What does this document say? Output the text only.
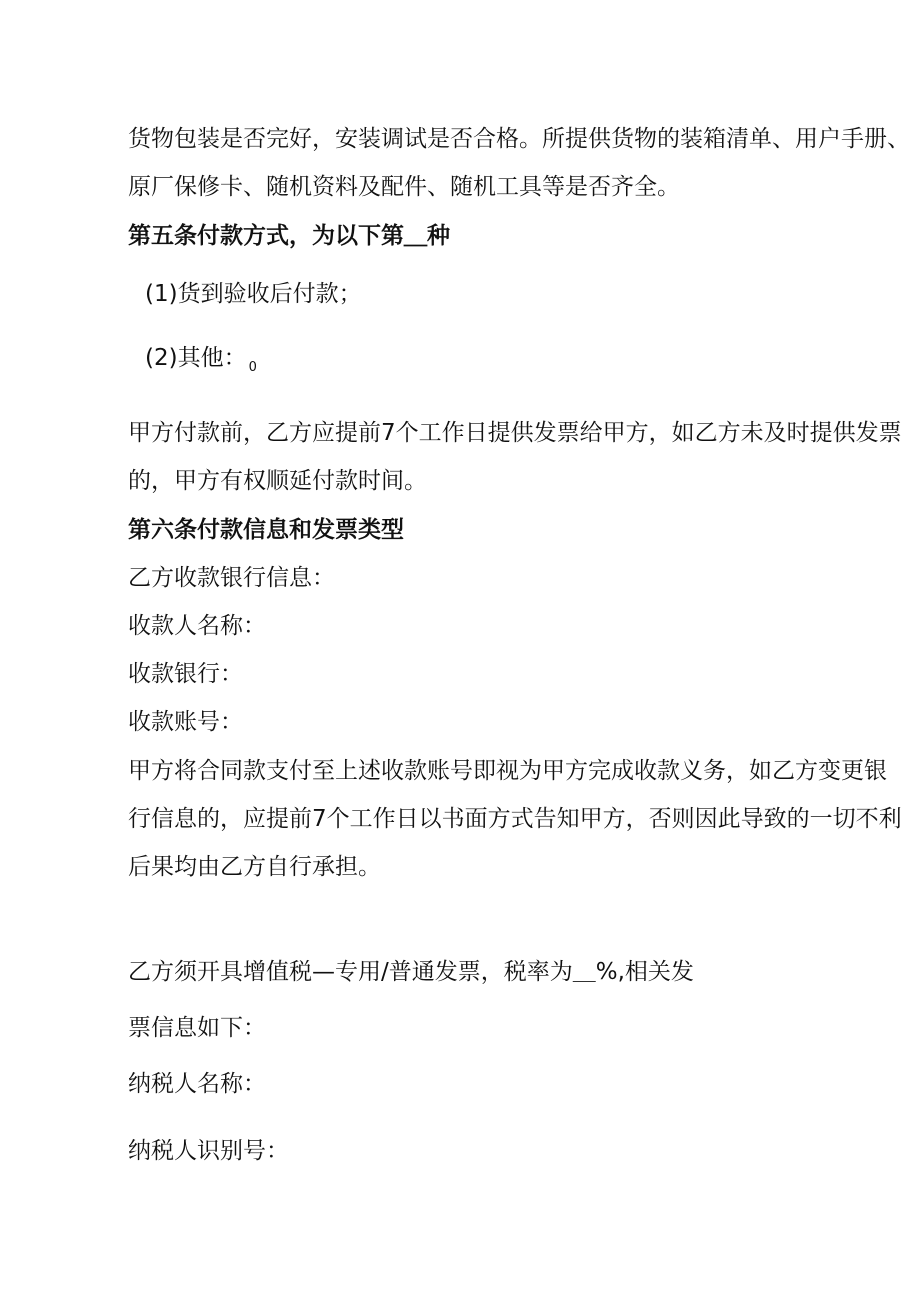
货物包装是否完好，安装调试是否合格。所提供货物的装箱清单、用户手册、
原厂保修卡、随机资料及配件、随机工具等是否齐全。
第五条付款方式，为以下第＿种
(1)货到验收后付款；
(2)其他： $_0$
甲方付款前，乙方应提前7个工作日提供发票给甲方，如乙方未及时提供发票
的，甲方有权顺延付款时间。
第六条付款信息和发票类型
乙方收款银行信息：
收款人名称：
收款银行：
收款账号：
甲方将合同款支付至上述收款账号即视为甲方完成收款义务，如乙方变更银
行信息的，应提前7个工作日以书面方式告知甲方，否则因此导致的一切不利
后果均由乙方自行承担。
乙方须开具增值税—专用/普通发票，税率为＿%,相关发
票信息如下：
纳税人名称：
纳税人识别号：
